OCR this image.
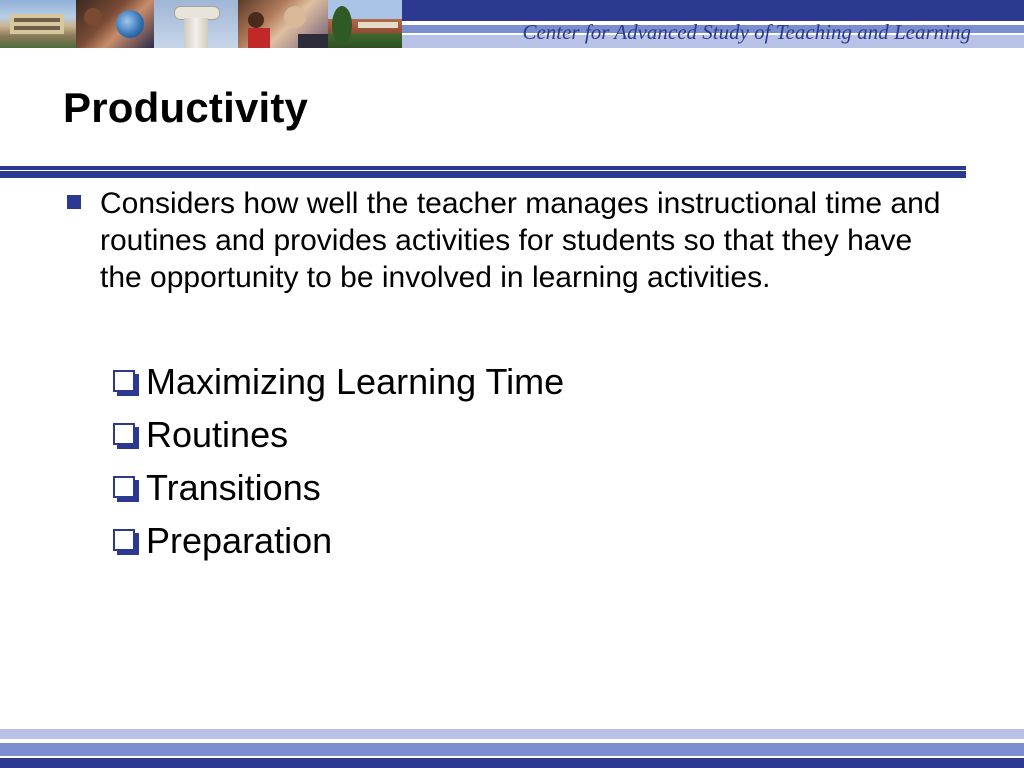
Center for Advanced Study of Teaching and Learning
Productivity
Considers how well the teacher manages instructional time and routines and provides activities for students so that they have the opportunity to be involved in learning activities.
Maximizing Learning Time
Routines
Transitions
Preparation
